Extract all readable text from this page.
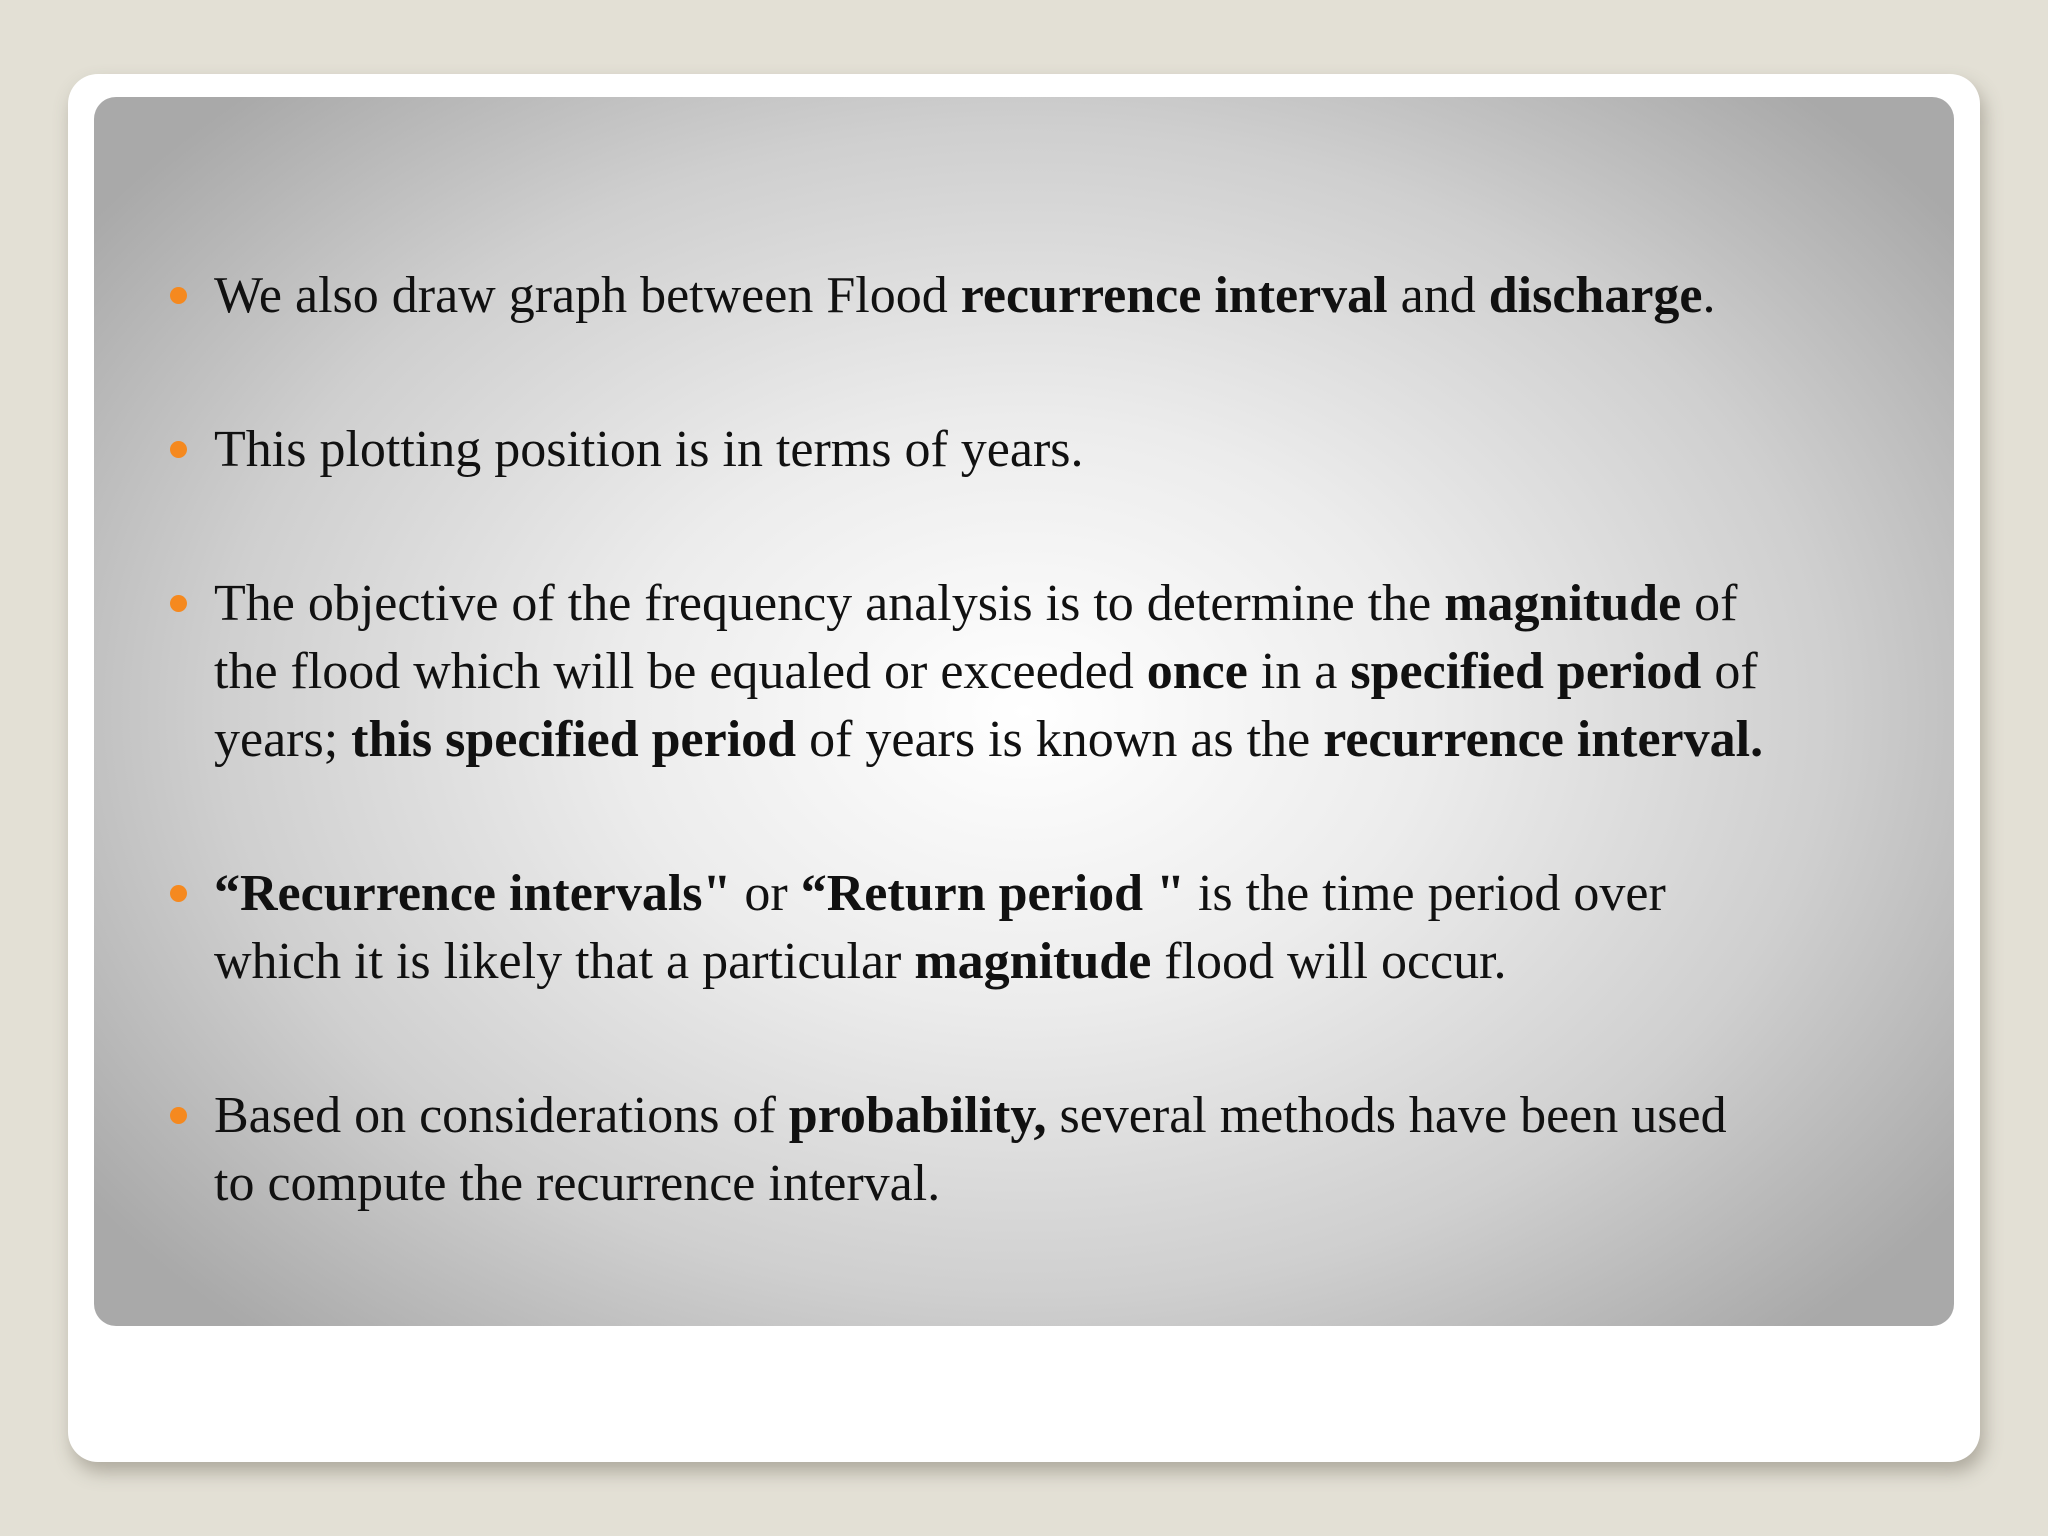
We also draw graph between Flood recurrence interval and discharge.
This plotting position is in terms of years.
The objective of the frequency analysis is to determine the magnitude of
the flood which will be equaled or exceeded once in a specified period of
years; this specified period of years is known as the recurrence interval.
“Recurrence intervals" or “Return period " is the time period over
which it is likely that a particular magnitude flood will occur.
Based on considerations of probability, several methods have been used
to compute the recurrence interval.
